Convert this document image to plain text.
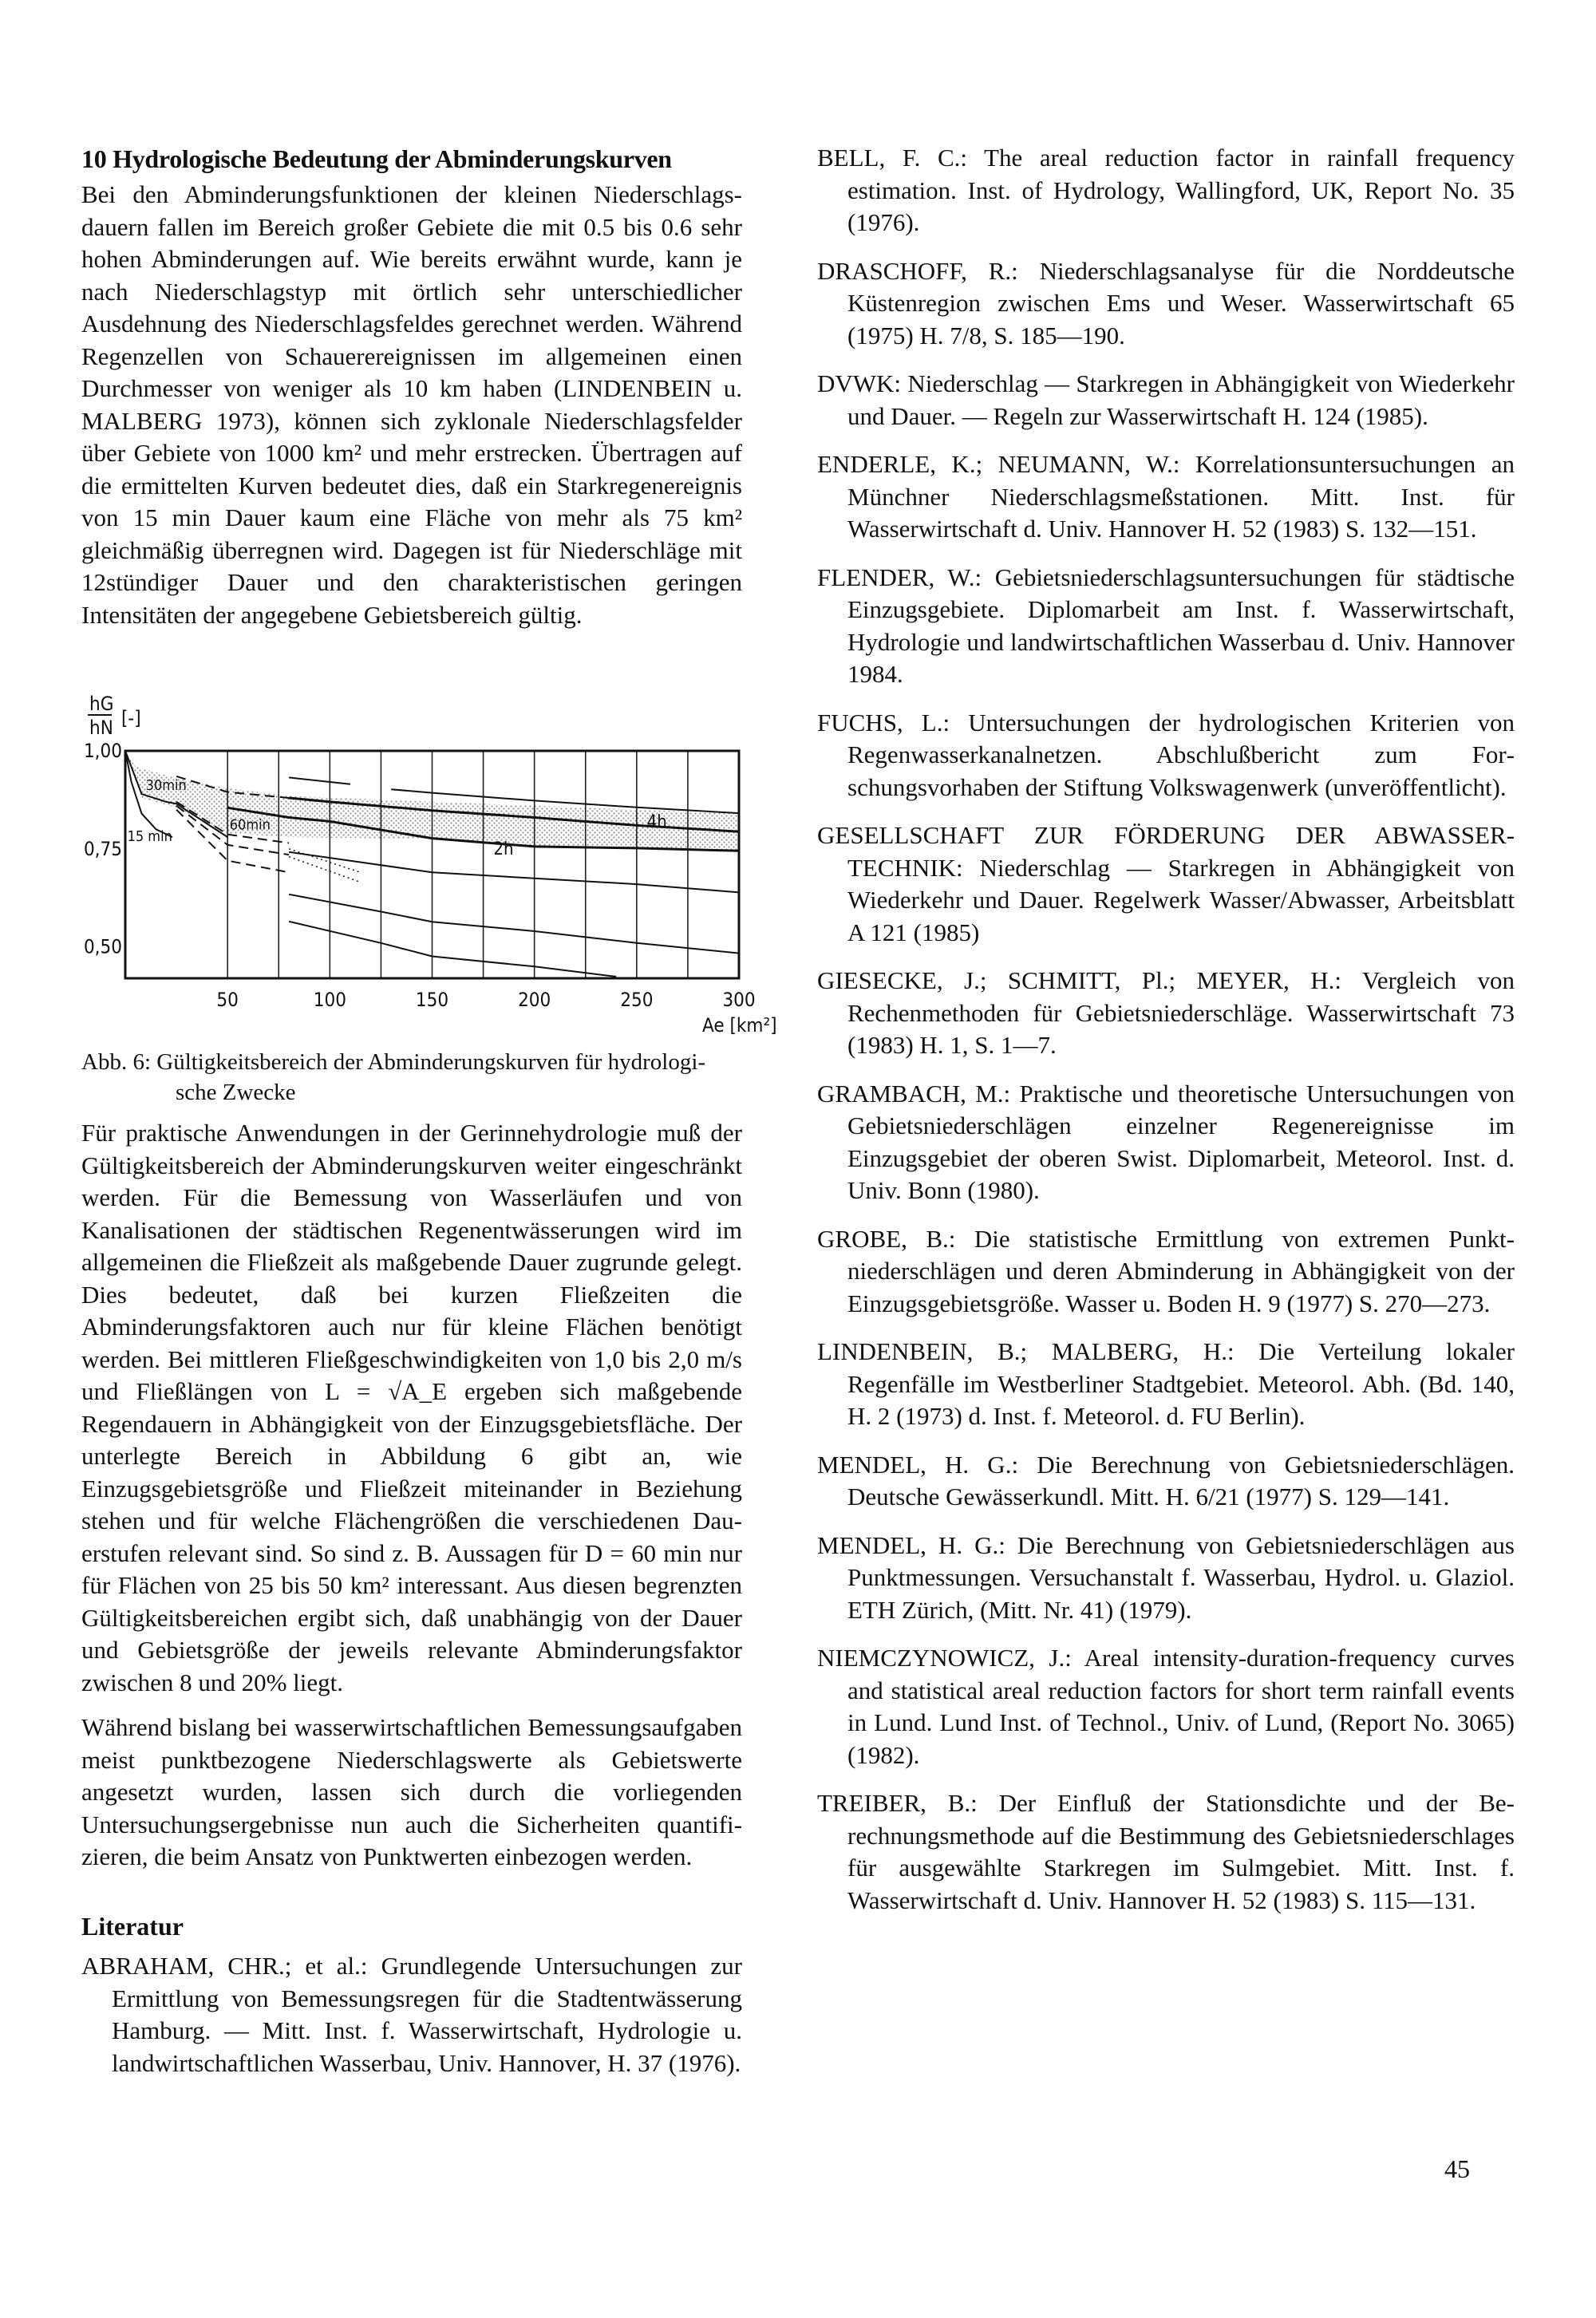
10 Hydrologische Bedeutung der Abminderungskurven

Bei den Abminderungsfunktionen der kleinen Niederschlagsdauern fallen im Bereich großer Gebiete die mit 0.5 bis 0.6 sehr hohen Abminderungen auf. Wie bereits erwähnt wurde, kann je nach Niederschlagstyp mit örtlich sehr unterschiedlicher Ausdehnung des Niederschlagsfeldes gerechnet werden. Während Regenzellen von Schauerereignissen im allgemeinen einen Durchmesser von weniger als 10 km haben (LINDENBEIN u. MALBERG 1973), können sich zyklonale Niederschlagsfelder über Gebiete von 1000 km² und mehr erstrecken. Übertragen auf die ermittelten Kurven bedeutet dies, daß ein Starkregenereignis von 15 min Dauer kaum eine Fläche von mehr als 75 km² gleichmäßig überregnen wird. Dagegen ist für Niederschläge mit 12stündiger Dauer und den charakteristischen geringen Intensitäten der angegebene Gebietsbereich gültig.

hG
hN [-]
50	100	150	200	250	300
1,00
0,75
0,50
30min
60min
15 min
2h
4h
Ae [km²]
Abb. 6: Gültigkeitsbereich der Abminderungskurven für hydrologi-
sche Zwecke

Für praktische Anwendungen in der Gerinnehydrologie muß der Gültigkeitsbereich der Abminderungskurven weiter eingeschränkt werden. Für die Bemessung von Wasserläufen und von Kanalisationen der städtischen Regenentwässerungen wird im allgemeinen die Fließzeit als maßgebende Dauer zugrunde gelegt. Dies bedeutet, daß bei kurzen Fließzeiten die Abminderungsfaktoren auch nur für kleine Flächen benötigt werden. Bei mittleren Fließgeschwindigkeiten von 1,0 bis 2,0 m/s und Fließlängen von L = √A_E ergeben sich maßgebende Regendauern in Abhängigkeit von der Einzugsgebietsfläche. Der unterlegte Bereich in Abbildung 6 gibt an, wie Einzugsgebietsgröße und Fließzeit miteinander in Beziehung stehen und für welche Flächengrößen die verschiedenen Dauerstufen relevant sind. So sind z. B. Aussagen für D = 60 min nur für Flächen von 25 bis 50 km² interessant. Aus diesen begrenzten Gültigkeitsbereichen ergibt sich, daß unabhängig von der Dauer und Gebietsgröße der jeweils relevante Abminderungsfaktor zwischen 8 und 20% liegt.

Während bislang bei wasserwirtschaftlichen Bemessungsaufgaben meist punktbezogene Niederschlagswerte als Gebietswerte angesetzt wurden, lassen sich durch die vorliegenden Untersuchungsergebnisse nun auch die Sicherheiten quantifizieren, die beim Ansatz von Punktwerten einbezogen werden.

Literatur

ABRAHAM, CHR.; et al.: Grundlegende Untersuchungen zur Ermittlung von Bemessungsregen für die Stadtentwässerung Hamburg. — Mitt. Inst. f. Wasserwirtschaft, Hydrologie u. landwirtschaftlichen Wasserbau, Univ. Hannover, H. 37 (1976).

BELL, F. C.: The areal reduction factor in rainfall frequency estimation. Inst. of Hydrology, Wallingford, UK, Report No. 35 (1976).

DRASCHOFF, R.: Niederschlagsanalyse für die Norddeutsche Küstenregion zwischen Ems und Weser. Wasserwirtschaft 65 (1975) H. 7/8, S. 185—190.

DVWK: Niederschlag — Starkregen in Abhängigkeit von Wiederkehr und Dauer. — Regeln zur Wasserwirtschaft H. 124 (1985).

ENDERLE, K.; NEUMANN, W.: Korrelationsuntersuchungen an Münchner Niederschlagsmeßstationen. Mitt. Inst. für Wasserwirtschaft d. Univ. Hannover H. 52 (1983) S. 132—151.

FLENDER, W.: Gebietsniederschlagsuntersuchungen für städtische Einzugsgebiete. Diplomarbeit am Inst. f. Wasserwirtschaft, Hydrologie und landwirtschaftlichen Wasserbau d. Univ. Hannover 1984.

FUCHS, L.: Untersuchungen der hydrologischen Kriterien von Regenwasserkanalnetzen. Abschlußbericht zum Forschungsvorhaben der Stiftung Volkswagenwerk (unveröffentlicht).

GESELLSCHAFT ZUR FÖRDERUNG DER ABWASSERTECHNIK: Niederschlag — Starkregen in Abhängigkeit von Wiederkehr und Dauer. Regelwerk Wasser/Abwasser, Arbeitsblatt A 121 (1985)

GIESECKE, J.; SCHMITT, Pl.; MEYER, H.: Vergleich von Rechenmethoden für Gebietsniederschläge. Wasserwirtschaft 73 (1983) H. 1, S. 1—7.

GRAMBACH, M.: Praktische und theoretische Untersuchungen von Gebietsniederschlägen einzelner Regenereignisse im Einzugsgebiet der oberen Swist. Diplomarbeit, Meteorol. Inst. d. Univ. Bonn (1980).

GROBE, B.: Die statistische Ermittlung von extremen Punktniederschlägen und deren Abminderung in Abhängigkeit von der Einzugsgebietsgröße. Wasser u. Boden H. 9 (1977) S. 270—273.

LINDENBEIN, B.; MALBERG, H.: Die Verteilung lokaler Regenfälle im Westberliner Stadtgebiet. Meteorol. Abh. (Bd. 140, H. 2 (1973) d. Inst. f. Meteorol. d. FU Berlin).

MENDEL, H. G.: Die Berechnung von Gebietsniederschlägen. Deutsche Gewässerkundl. Mitt. H. 6/21 (1977) S. 129—141.

MENDEL, H. G.: Die Berechnung von Gebietsniederschlägen aus Punktmessungen. Versuchanstalt f. Wasserbau, Hydrol. u. Glaziol. ETH Zürich, (Mitt. Nr. 41) (1979).

NIEMCZYNOWICZ, J.: Areal intensity-duration-frequency curves and statistical areal reduction factors for short term rainfall events in Lund. Lund Inst. of Technol., Univ. of Lund, (Report No. 3065) (1982).

TREIBER, B.: Der Einfluß der Stationsdichte und der Berechnungsmethode auf die Bestimmung des Gebietsniederschlages für ausgewählte Starkregen im Sulmgebiet. Mitt. Inst. f. Wasserwirtschaft d. Univ. Hannover H. 52 (1983) S. 115—131.

45
